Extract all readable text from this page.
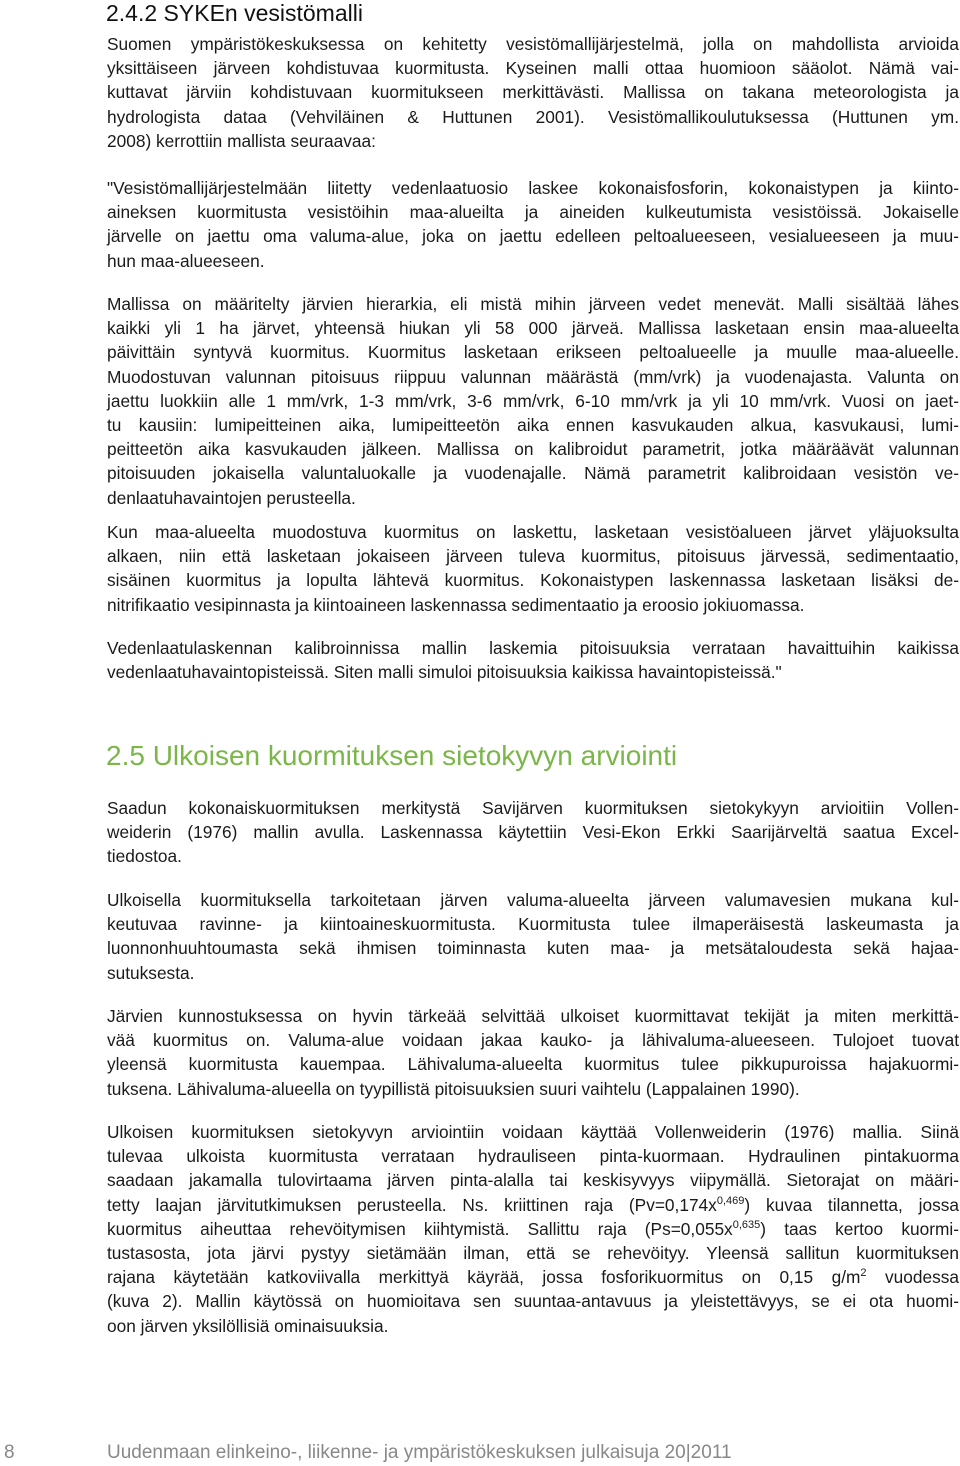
2.4.2 SYKEn vesistömalli
Suomen ympäristökeskuksessa on kehitetty vesistömallijärjestelmä, jolla on mahdollista arvioida
yksittäiseen järveen kohdistuvaa kuormitusta. Kyseinen malli ottaa huomioon sääolot. Nämä vai-
kuttavat järviin kohdistuvaan kuormitukseen merkittävästi. Mallissa on takana meteorologista ja
hydrologista dataa (Vehviläinen & Huttunen 2001). Vesistömallikoulutuksessa (Huttunen ym.
2008) kerrottiin mallista seuraavaa:
"Vesistömallijärjestelmään liitetty vedenlaatuosio laskee kokonaisfosforin, kokonaistypen ja kiinto-
aineksen kuormitusta vesistöihin maa-alueilta ja aineiden kulkeutumista vesistöissä. Jokaiselle
järvelle on jaettu oma valuma-alue, joka on jaettu edelleen peltoalueeseen, vesialueeseen ja muu-
hun maa-alueeseen.
Mallissa on määritelty järvien hierarkia, eli mistä mihin järveen vedet menevät. Malli sisältää lähes
kaikki yli 1 ha järvet, yhteensä hiukan yli 58 000 järveä. Mallissa lasketaan ensin maa-alueelta
päivittäin syntyvä kuormitus. Kuormitus lasketaan erikseen peltoalueelle ja muulle maa-alueelle.
Muodostuvan valunnan pitoisuus riippuu valunnan määrästä (mm/vrk) ja vuodenajasta. Valunta on
jaettu luokkiin alle 1 mm/vrk, 1-3 mm/vrk, 3-6 mm/vrk, 6-10 mm/vrk ja yli 10 mm/vrk. Vuosi on jaet-
tu kausiin: lumipeitteinen aika, lumipeitteetön aika ennen kasvukauden alkua, kasvukausi, lumi-
peitteetön aika kasvukauden jälkeen. Mallissa on kalibroidut parametrit, jotka määräävät valunnan
pitoisuuden jokaisella valuntaluokalle ja vuodenajalle. Nämä parametrit kalibroidaan vesistön ve-
denlaatuhavaintojen perusteella.
Kun maa-alueelta muodostuva kuormitus on laskettu, lasketaan vesistöalueen järvet yläjuoksulta
alkaen, niin että lasketaan jokaiseen järveen tuleva kuormitus, pitoisuus järvessä, sedimentaatio,
sisäinen kuormitus ja lopulta lähtevä kuormitus. Kokonaistypen laskennassa lasketaan lisäksi de-
nitrifikaatio vesipinnasta ja kiintoaineen laskennassa sedimentaatio ja eroosio jokiuomassa.
Vedenlaatulaskennan kalibroinnissa mallin laskemia pitoisuuksia verrataan havaittuihin kaikissa
vedenlaatuhavaintopisteissä. Siten malli simuloi pitoisuuksia kaikissa havaintopisteissä."
2.5 Ulkoisen kuormituksen sietokyvyn arviointi
Saadun kokonaiskuormituksen merkitystä Savijärven kuormituksen sietokykyyn arvioitiin Vollen-
weiderin (1976) mallin avulla. Laskennassa käytettiin Vesi-Ekon Erkki Saarijärveltä saatua Excel-
tiedostoa.
Ulkoisella kuormituksella tarkoitetaan järven valuma-alueelta järveen valumavesien mukana kul-
keutuvaa ravinne- ja kiintoaineskuormitusta. Kuormitusta tulee ilmaperäisestä laskeumasta ja
luonnonhuuhtoumasta sekä ihmisen toiminnasta kuten maa- ja metsätaloudesta sekä hajaa-
sutuksesta.
Järvien kunnostuksessa on hyvin tärkeää selvittää ulkoiset kuormittavat tekijät ja miten merkittä-
vää kuormitus on. Valuma-alue voidaan jakaa kauko- ja lähivaluma-alueeseen. Tulojoet tuovat
yleensä kuormitusta kauempaa. Lähivaluma-alueelta kuormitus tulee pikkupuroissa hajakuormi-
tuksena. Lähivaluma-alueella on tyypillistä pitoisuuksien suuri vaihtelu (Lappalainen 1990).
Ulkoisen kuormituksen sietokyvyn arviointiin voidaan käyttää Vollenweiderin (1976) mallia. Siinä
tulevaa ulkoista kuormitusta verrataan hydrauliseen pinta-kuormaan. Hydraulinen pintakuorma
saadaan jakamalla tulovirtaama järven pinta-alalla tai keskisyvyys viipymällä. Sietorajat on määri-
tetty laajan järvitutkimuksen perusteella. Ns. kriittinen raja $(Pv=0,174x^{0,469})$ kuvaa tilannetta, jossa
kuormitus aiheuttaa rehevöitymisen kiihtymistä. Sallittu raja $(Ps=0,055x^{0,635})$ taas kertoo kuormi-
tustasosta, jota järvi pystyy sietämään ilman, että se rehevöityy. Yleensä sallitun kuormituksen
rajana käytetään katkoviivalla merkittyä käyrää, jossa fosforikuormitus on 0,15 $g/m^2$ vuodessa
(kuva 2). Mallin käytössä on huomioitava sen suuntaa-antavuus ja yleistettävyys, se ei ota huomi-
oon järven yksilöllisiä ominaisuuksia.
8	Uudenmaan elinkeino-, liikenne- ja ympäristökeskuksen julkaisuja 20|2011
